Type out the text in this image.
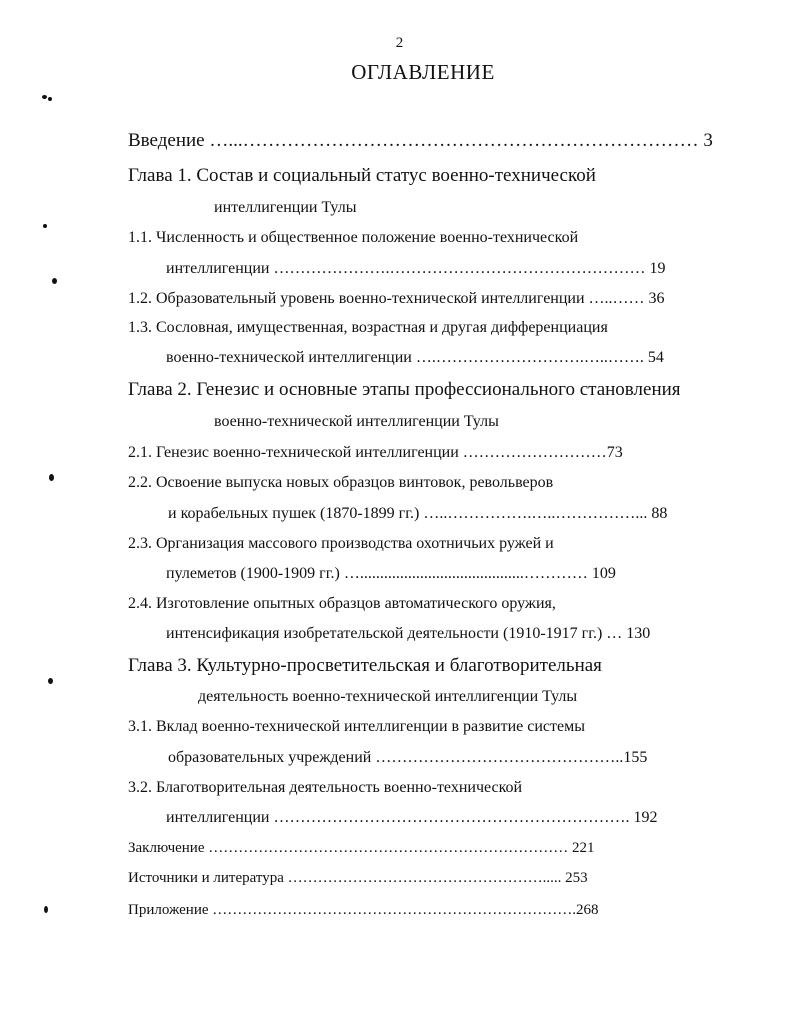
2
ОГЛАВЛЕНИЕ
Введение …...……………………………………………………………… 3
Глава 1. Состав и социальный статус военно-технической
интеллигенции Тулы
1.1. Численность и общественное положение военно-технической
интеллигенции ………………….………………………………………… 19
1.2. Образовательный уровень военно-технической интеллигенции …..…… 36
1.3. Сословная, имущественная, возрастная и другая дифференциация
военно-технической интеллигенции ….……………………….…..……. 54
Глава 2. Генезис и основные этапы профессионального становления
военно-технической интеллигенции Тулы
2.1. Генезис военно-технической интеллигенции ………………………73
2.2. Освоение выпуска новых образцов винтовок, револьверов
и корабельных пушек (1870-1899 гг.) …..…………….…..……………... 88
2.3. Организация массового производства охотничьих ружей и
пулеметов (1900-1909 гг.) ….........................................………… 109
2.4. Изготовление опытных образцов автоматического оружия,
интенсификация изобретательской деятельности (1910-1917 гг.) … 130
Глава 3. Культурно-просветительская и благотворительная
деятельность военно-технической интеллигенции Тулы
3.1. Вклад военно-технической интеллигенции в развитие системы
образовательных учреждений ………………………………………..155
3.2. Благотворительная деятельность военно-технической
интеллигенции …………………………………………………………. 192
Заключение ……………………………………………………………… 221
Источники и литература ……………………………………………..... 253
Приложение ……………………………………………………………….268
